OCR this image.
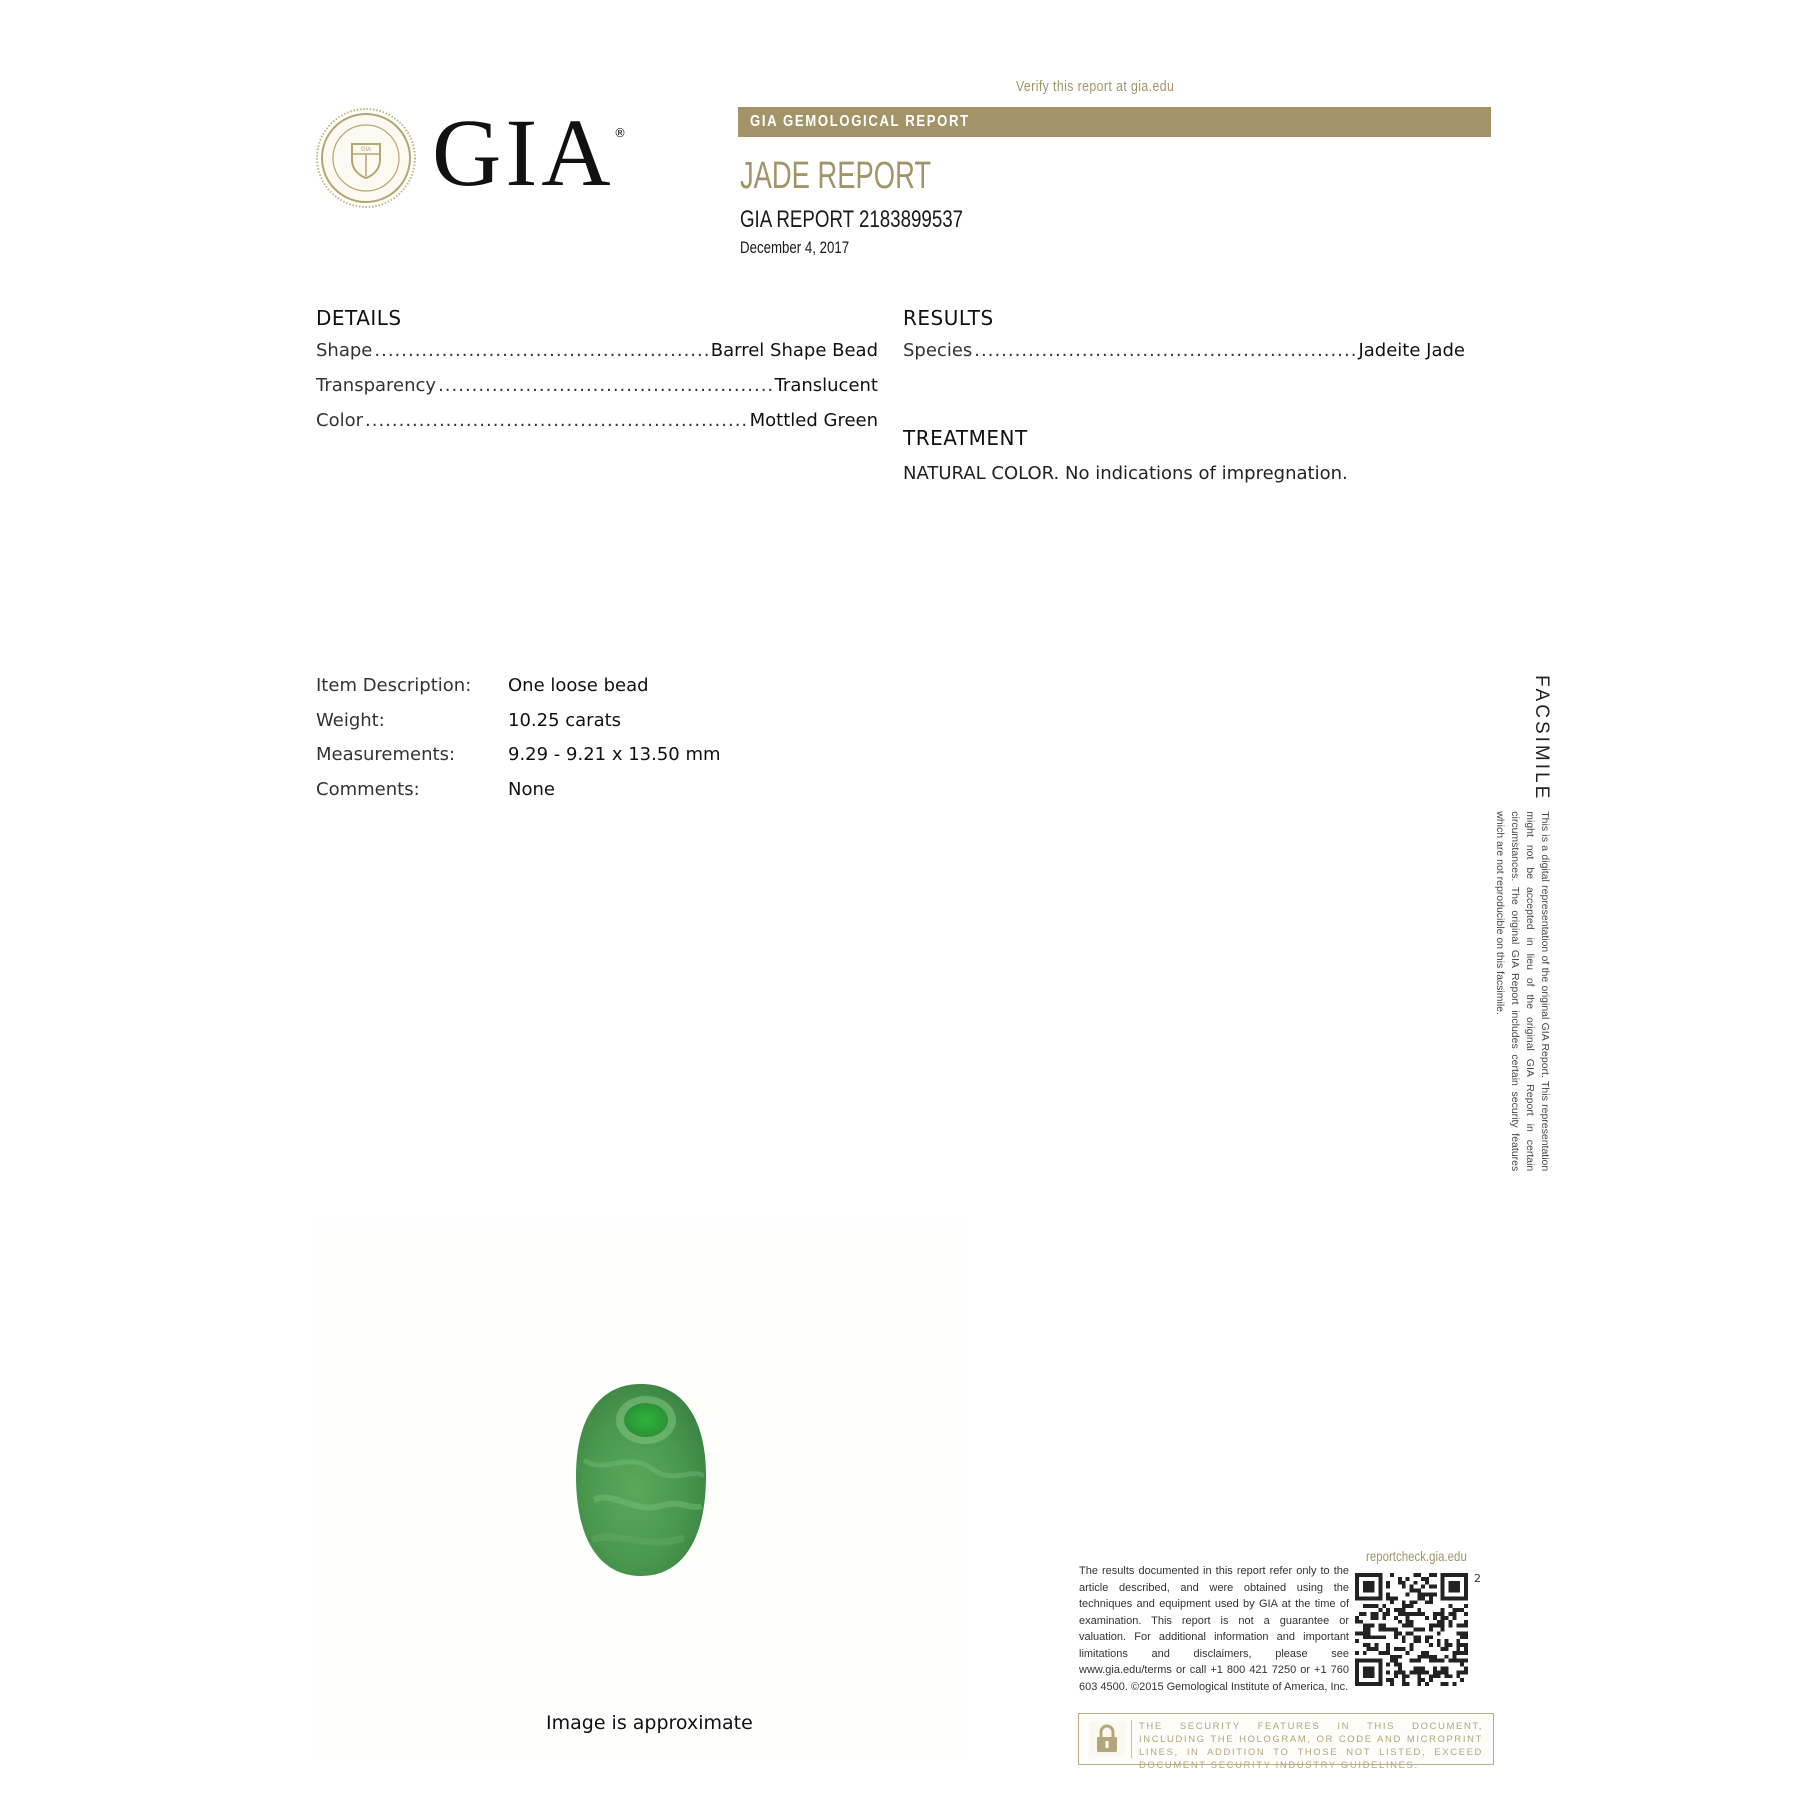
GIA GIA ®
Verify this report at gia.edu
GIA GEMOLOGICAL REPORT
JADE REPORT
GIA REPORT 2183899537
December 4, 2017
DETAILS
Shape .....	Barrel Shape Bead
Transparency .....	Translucent
Color .....	Mottled Green
RESULTS
Species .....	Jadeite Jade
TREATMENT
NATURAL COLOR. No indications of impregnation.
Item Description:	One loose bead
Weight:	10.25 carats
Measurements:	9.29 - 9.21 x 13.50 mm
Comments:	None	FACSIMILE
This is a digital representation of the original GIA Report. This representation might not be accepted in lieu of the original GIA Report in certain circumstances. The original GIA Report includes certain security features which are not reproducible on this facsimile.
Image is approximate
reportcheck.gia.edu
The results documented in this report refer only to the article described, and were obtained using the techniques and equipment used by GIA at the time of examination. This report is not a guarantee or valuation. For additional information and important limitations and disclaimers, please see www.gia.edu/terms or call +1 800 421 7250 or +1 760 603 4500. ©2015 Gemological Institute of America, Inc.
2
THE SECURITY FEATURES IN THIS DOCUMENT, INCLUDING THE HOLOGRAM, OR CODE AND MICROPRINT LINES, IN ADDITION TO THOSE NOT LISTED, EXCEED DOCUMENT SECURITY INDUSTRY GUIDELINES.
